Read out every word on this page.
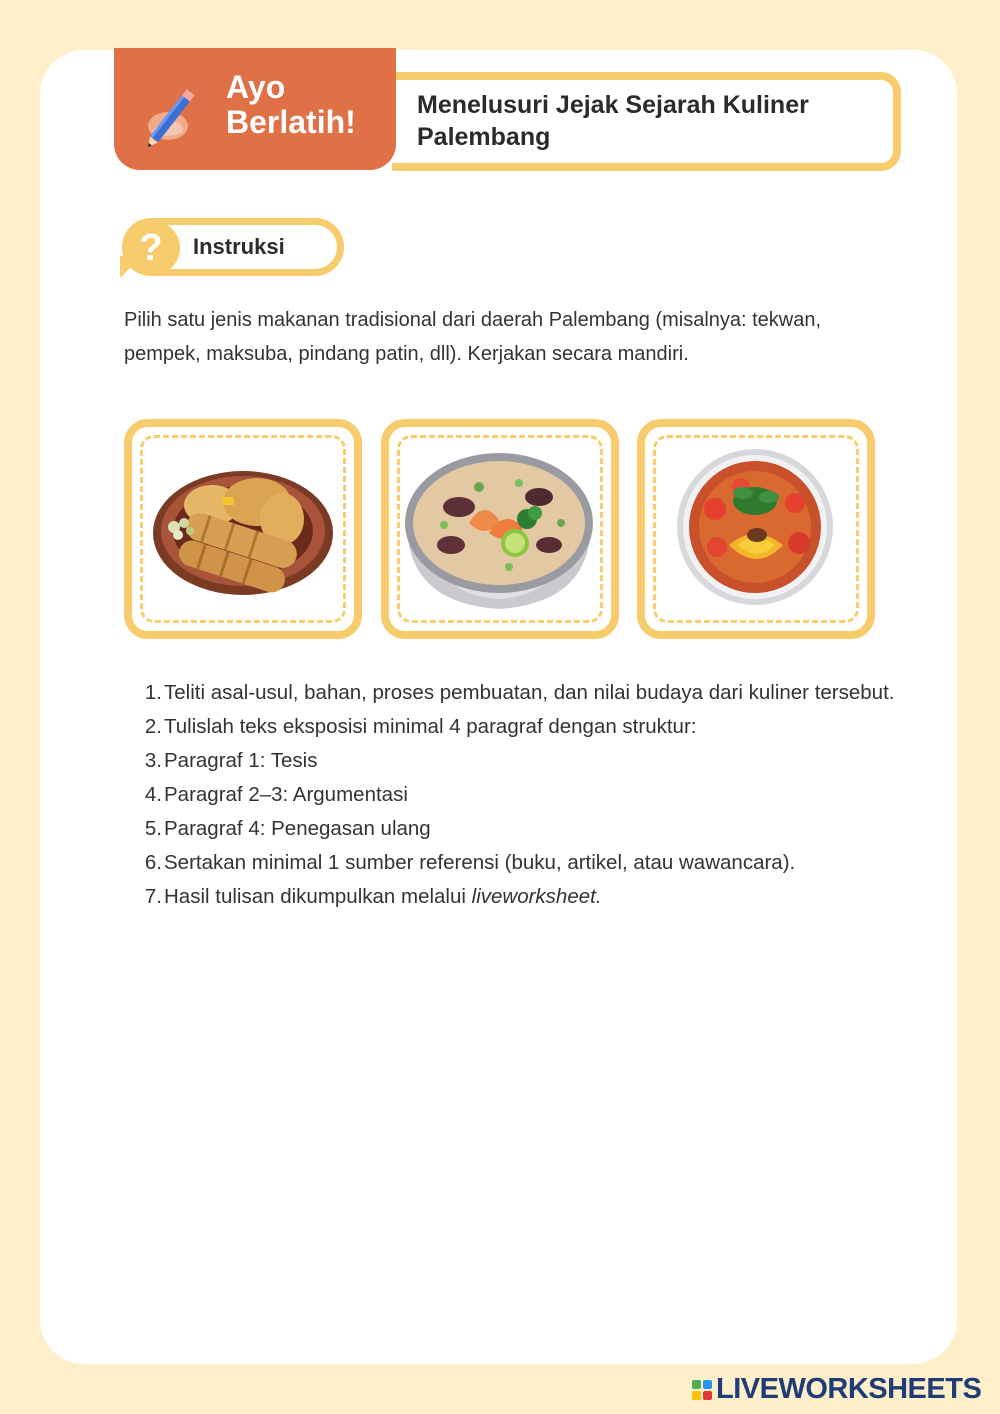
Ayo
Berlatih! Menelusuri Jejak Sejarah Kuliner Palembang
?	Instruksi
Pilih satu jenis makanan tradisional dari daerah Palembang (misalnya: tekwan, pempek, maksuba, pindang patin, dll). Kerjakan secara mandiri.
1. Teliti asal-usul, bahan, proses pembuatan, dan nilai budaya dari kuliner tersebut.
2. Tulislah teks eksposisi minimal 4 paragraf dengan struktur:
3. Paragraf 1: Tesis
4. Paragraf 2–3: Argumentasi
5. Paragraf 4: Penegasan ulang
6. Sertakan minimal 1 sumber referensi (buku, artikel, atau wawancara).
7. Hasil tulisan dikumpulkan melalui liveworksheet.
LIVEWORKSHEETS
